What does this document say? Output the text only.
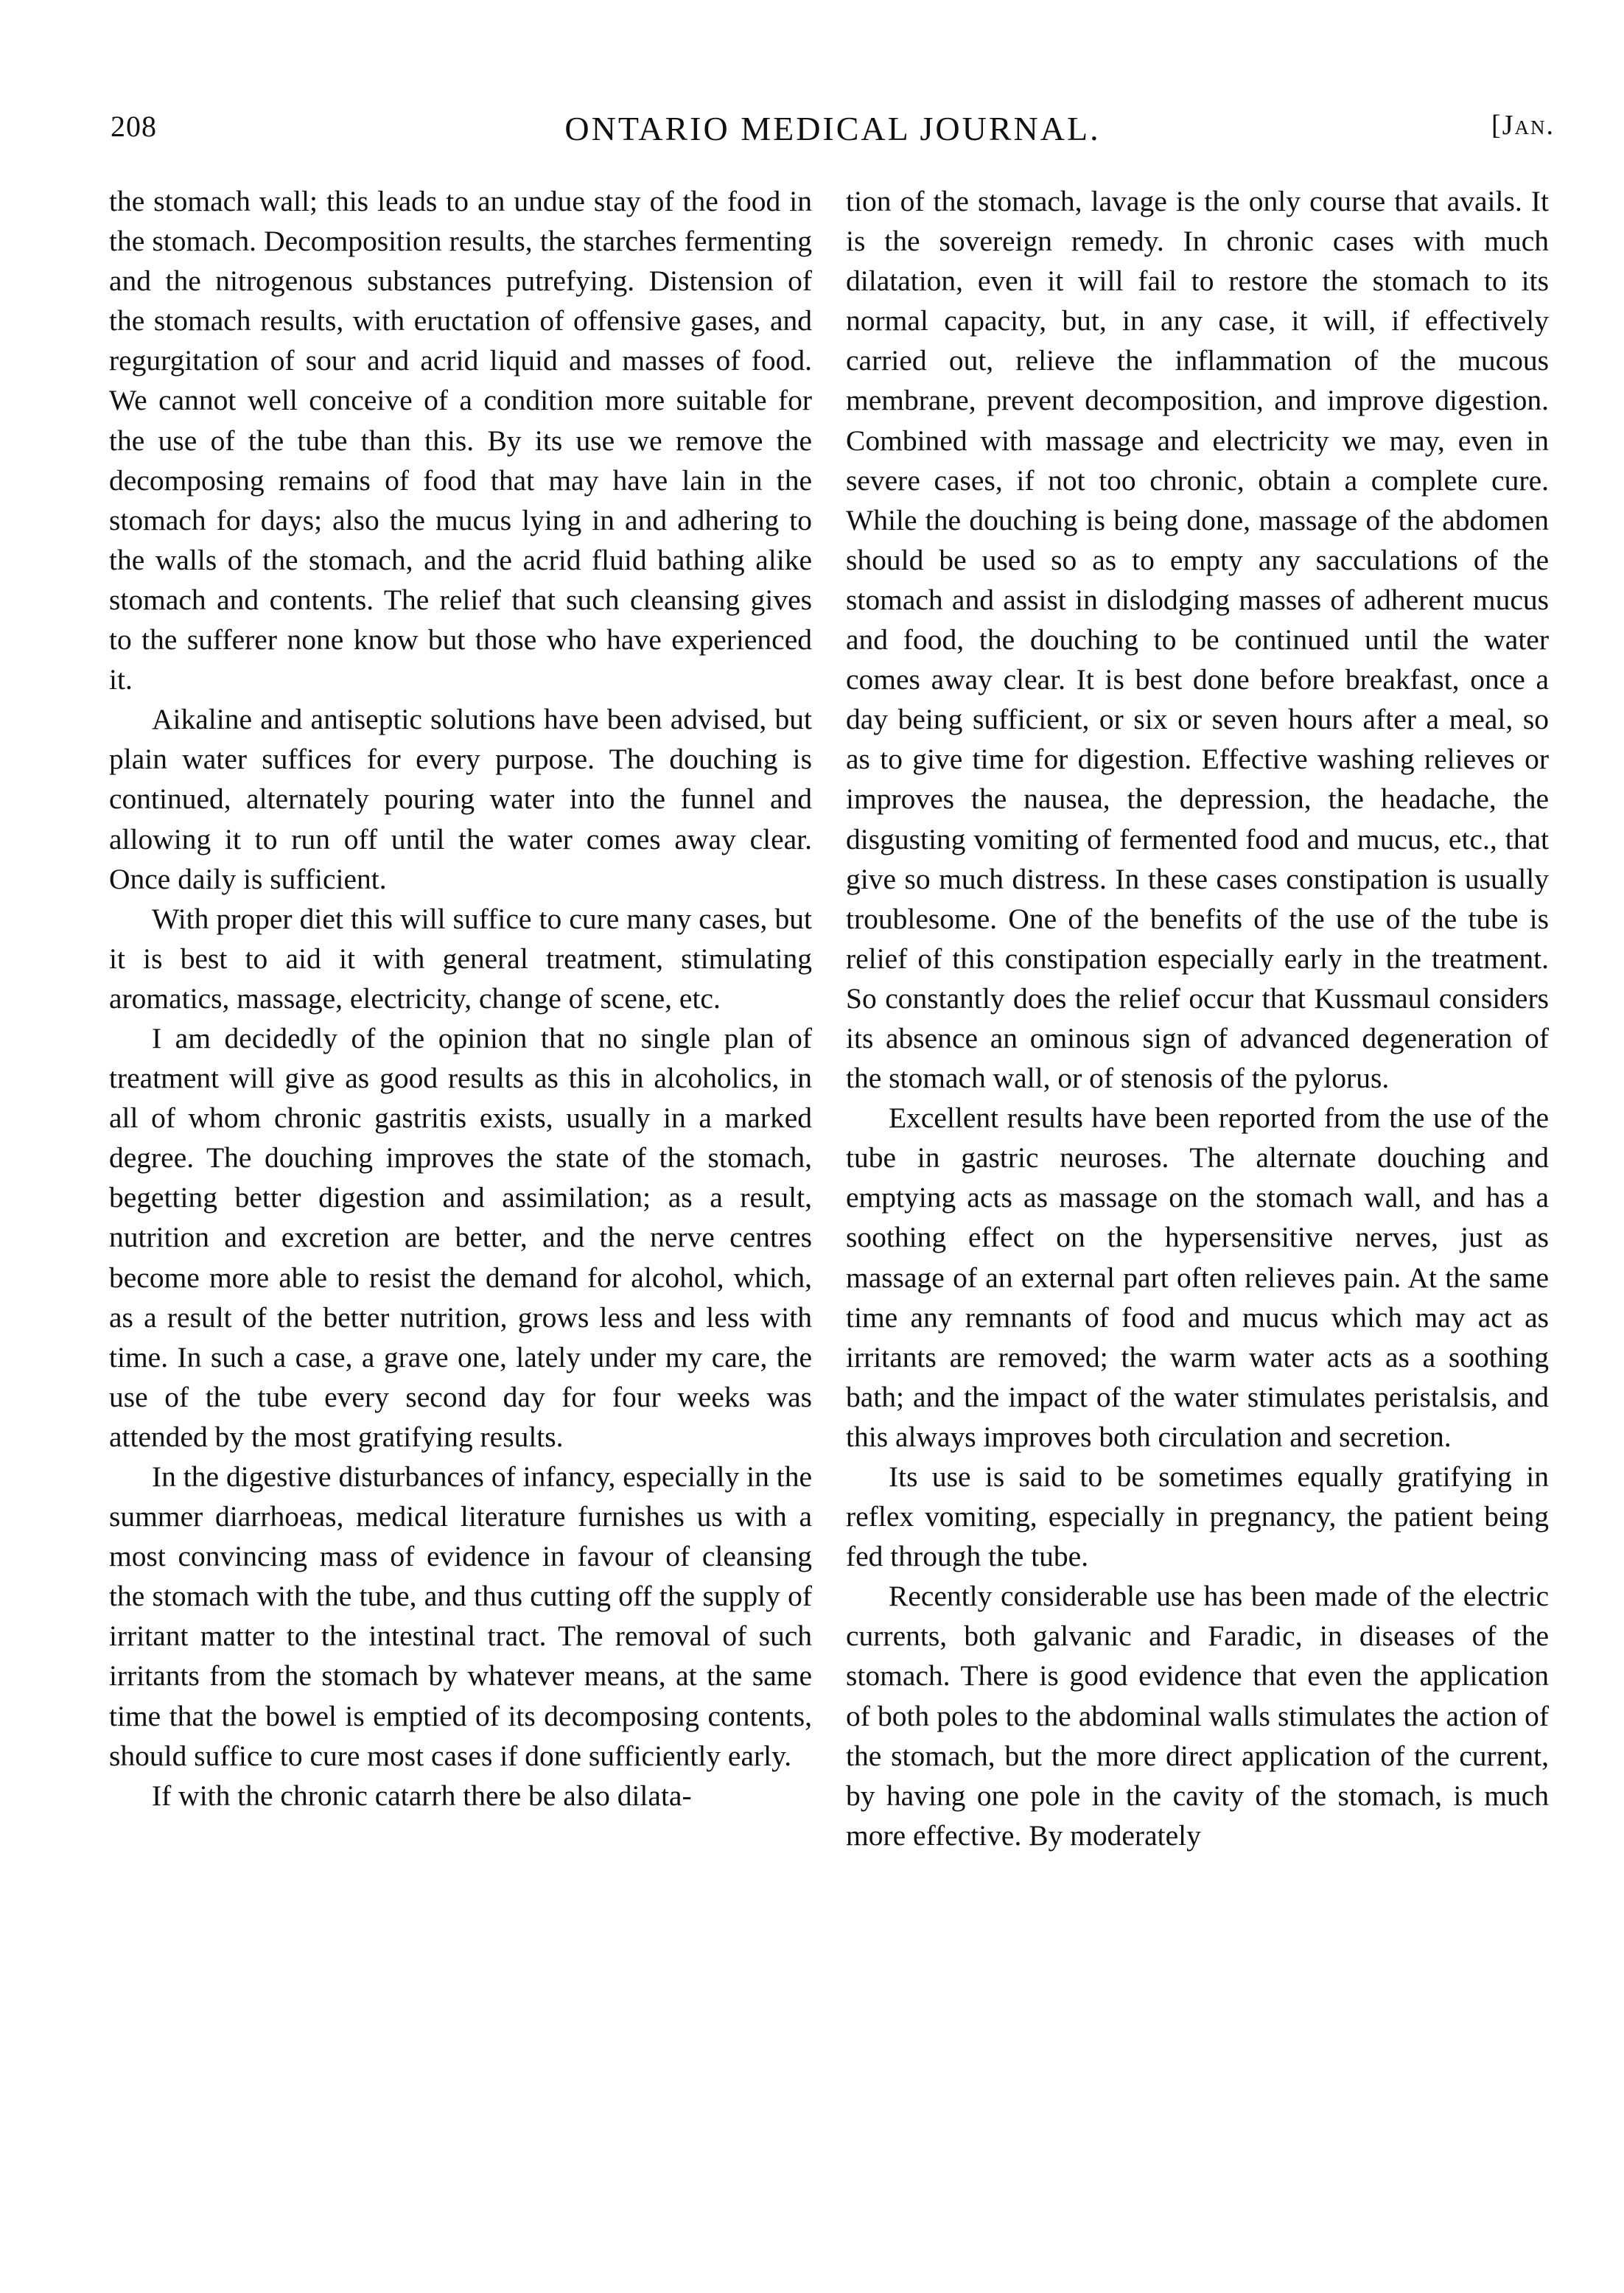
208	ONTARIO MEDICAL JOURNAL.	[Jan.

the stomach wall; this leads to an undue stay of the food in the stomach. Decomposition results, the starches fermenting and the nitrogenous substances putrefying. Distension of the stomach results, with eructation of offensive gases, and regurgitation of sour and acrid liquid and masses of food. We cannot well conceive of a condition more suitable for the use of the tube than this. By its use we remove the decomposing remains of food that may have lain in the stomach for days; also the mucus lying in and adhering to the walls of the stomach, and the acrid fluid bathing alike stomach and contents. The relief that such cleansing gives to the sufferer none know but those who have experienced it.

Aikaline and antiseptic solutions have been advised, but plain water suffices for every purpose. The douching is continued, alternately pouring water into the funnel and allowing it to run off until the water comes away clear. Once daily is sufficient.

With proper diet this will suffice to cure many cases, but it is best to aid it with general treatment, stimulating aromatics, massage, electricity, change of scene, etc.

I am decidedly of the opinion that no single plan of treatment will give as good results as this in alcoholics, in all of whom chronic gastritis exists, usually in a marked degree. The douching improves the state of the stomach, begetting better digestion and assimilation; as a result, nutrition and excretion are better, and the nerve centres become more able to resist the demand for alcohol, which, as a result of the better nutrition, grows less and less with time. In such a case, a grave one, lately under my care, the use of the tube every second day for four weeks was attended by the most gratifying results.

In the digestive disturbances of infancy, especially in the summer diarrhoeas, medical literature furnishes us with a most convincing mass of evidence in favour of cleansing the stomach with the tube, and thus cutting off the supply of irritant matter to the intestinal tract. The removal of such irritants from the stomach by whatever means, at the same time that the bowel is emptied of its decomposing contents, should suffice to cure most cases if done sufficiently early.

If with the chronic catarrh there be also dilata-

tion of the stomach, lavage is the only course that avails. It is the sovereign remedy. In chronic cases with much dilatation, even it will fail to restore the stomach to its normal capacity, but, in any case, it will, if effectively carried out, relieve the inflammation of the mucous membrane, prevent decomposition, and improve digestion. Combined with massage and electricity we may, even in severe cases, if not too chronic, obtain a complete cure. While the douching is being done, massage of the abdomen should be used so as to empty any sacculations of the stomach and assist in dislodging masses of adherent mucus and food, the douching to be continued until the water comes away clear. It is best done before breakfast, once a day being sufficient, or six or seven hours after a meal, so as to give time for digestion. Effective washing relieves or improves the nausea, the depression, the headache, the disgusting vomiting of fermented food and mucus, etc., that give so much distress. In these cases constipation is usually troublesome. One of the benefits of the use of the tube is relief of this constipation especially early in the treatment. So constantly does the relief occur that Kussmaul considers its absence an ominous sign of advanced degeneration of the stomach wall, or of stenosis of the pylorus.

Excellent results have been reported from the use of the tube in gastric neuroses. The alternate douching and emptying acts as massage on the stomach wall, and has a soothing effect on the hypersensitive nerves, just as massage of an external part often relieves pain. At the same time any remnants of food and mucus which may act as irritants are removed; the warm water acts as a soothing bath; and the impact of the water stimulates peristalsis, and this always improves both circulation and secretion.

Its use is said to be sometimes equally gratifying in reflex vomiting, especially in pregnancy, the patient being fed through the tube.

Recently considerable use has been made of the electric currents, both galvanic and Faradic, in diseases of the stomach. There is good evidence that even the application of both poles to the abdominal walls stimulates the action of the stomach, but the more direct application of the current, by having one pole in the cavity of the stomach, is much more effective. By moderately
